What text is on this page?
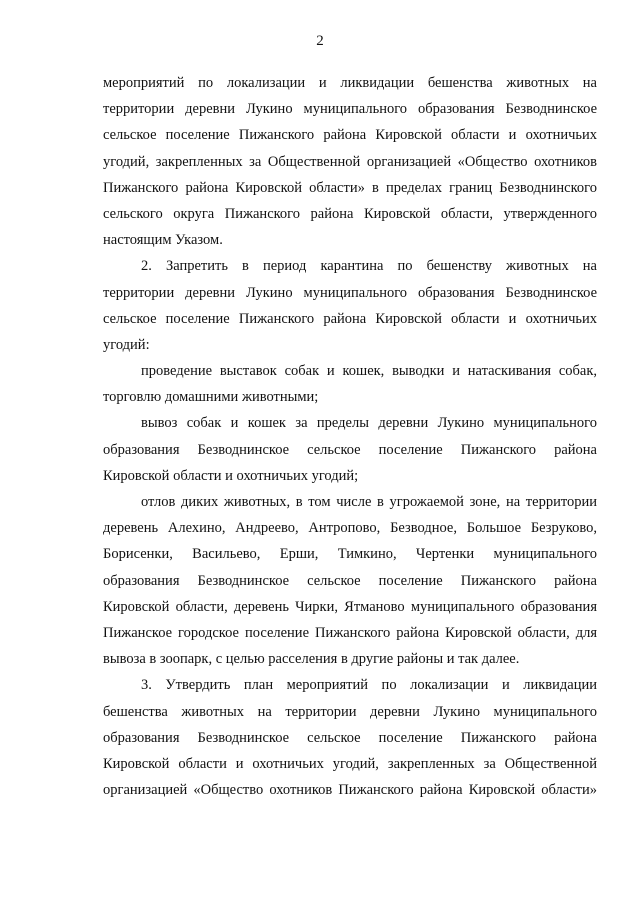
2
мероприятий по локализации и ликвидации бешенства животных на
территории деревни Лукино муниципального образования Безводнинское
сельское поселение Пижанского района Кировской области и охотничьих
угодий, закрепленных за Общественной организацией «Общество охотников
Пижанского района Кировской области» в пределах границ Безводнинского
сельского округа Пижанского района Кировской области, утвержденного
настоящим Указом.
2. Запретить в период карантина по бешенству животных на
территории деревни Лукино муниципального образования Безводнинское
сельское поселение Пижанского района Кировской области и охотничьих
угодий:
проведение выставок собак и кошек, выводки и натаскивания собак,
торговлю домашними животными;
вывоз собак и кошек за пределы деревни Лукино муниципального
образования Безводнинское сельское поселение Пижанского района
Кировской области и охотничьих угодий;
отлов диких животных, в том числе в угрожаемой зоне, на территории
деревень Алехино, Андреево, Антропово, Безводное, Большое Безруково,
Борисенки, Васильево, Ерши, Тимкино, Чертенки муниципального
образования Безводнинское сельское поселение Пижанского района
Кировской области, деревень Чирки, Ятманово муниципального образования
Пижанское городское поселение Пижанского района Кировской области, для
вывоза в зоопарк, с целью расселения в другие районы и так далее.
3. Утвердить план мероприятий по локализации и ликвидации
бешенства животных на территории деревни Лукино муниципального
образования Безводнинское сельское поселение Пижанского района
Кировской области и охотничьих угодий, закрепленных за Общественной
организацией «Общество охотников Пижанского района Кировской области»
